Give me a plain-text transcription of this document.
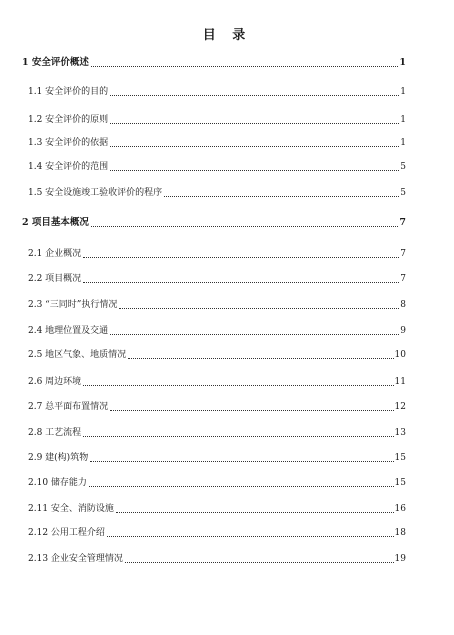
目 录
1 安全评价概述	1
1.1 安全评价的目的	1
1.2 安全评价的原则	1
1.3 安全评价的依据	1
1.4 安全评价的范围	5
1.5 安全设施竣工验收评价的程序	5
2 项目基本概况	7
2.1 企业概况	7
2.2 项目概况	7
2.3 “三同时”执行情况	8
2.4 地理位置及交通	9
2.5 地区气象、地质情况	10
2.6 周边环境	11
2.7 总平面布置情况	12
2.8 工艺流程	13
2.9 建(构)筑物	15
2.10 储存能力	15
2.11 安全、消防设施	16
2.12 公用工程介绍	18
2.13 企业安全管理情况	19
